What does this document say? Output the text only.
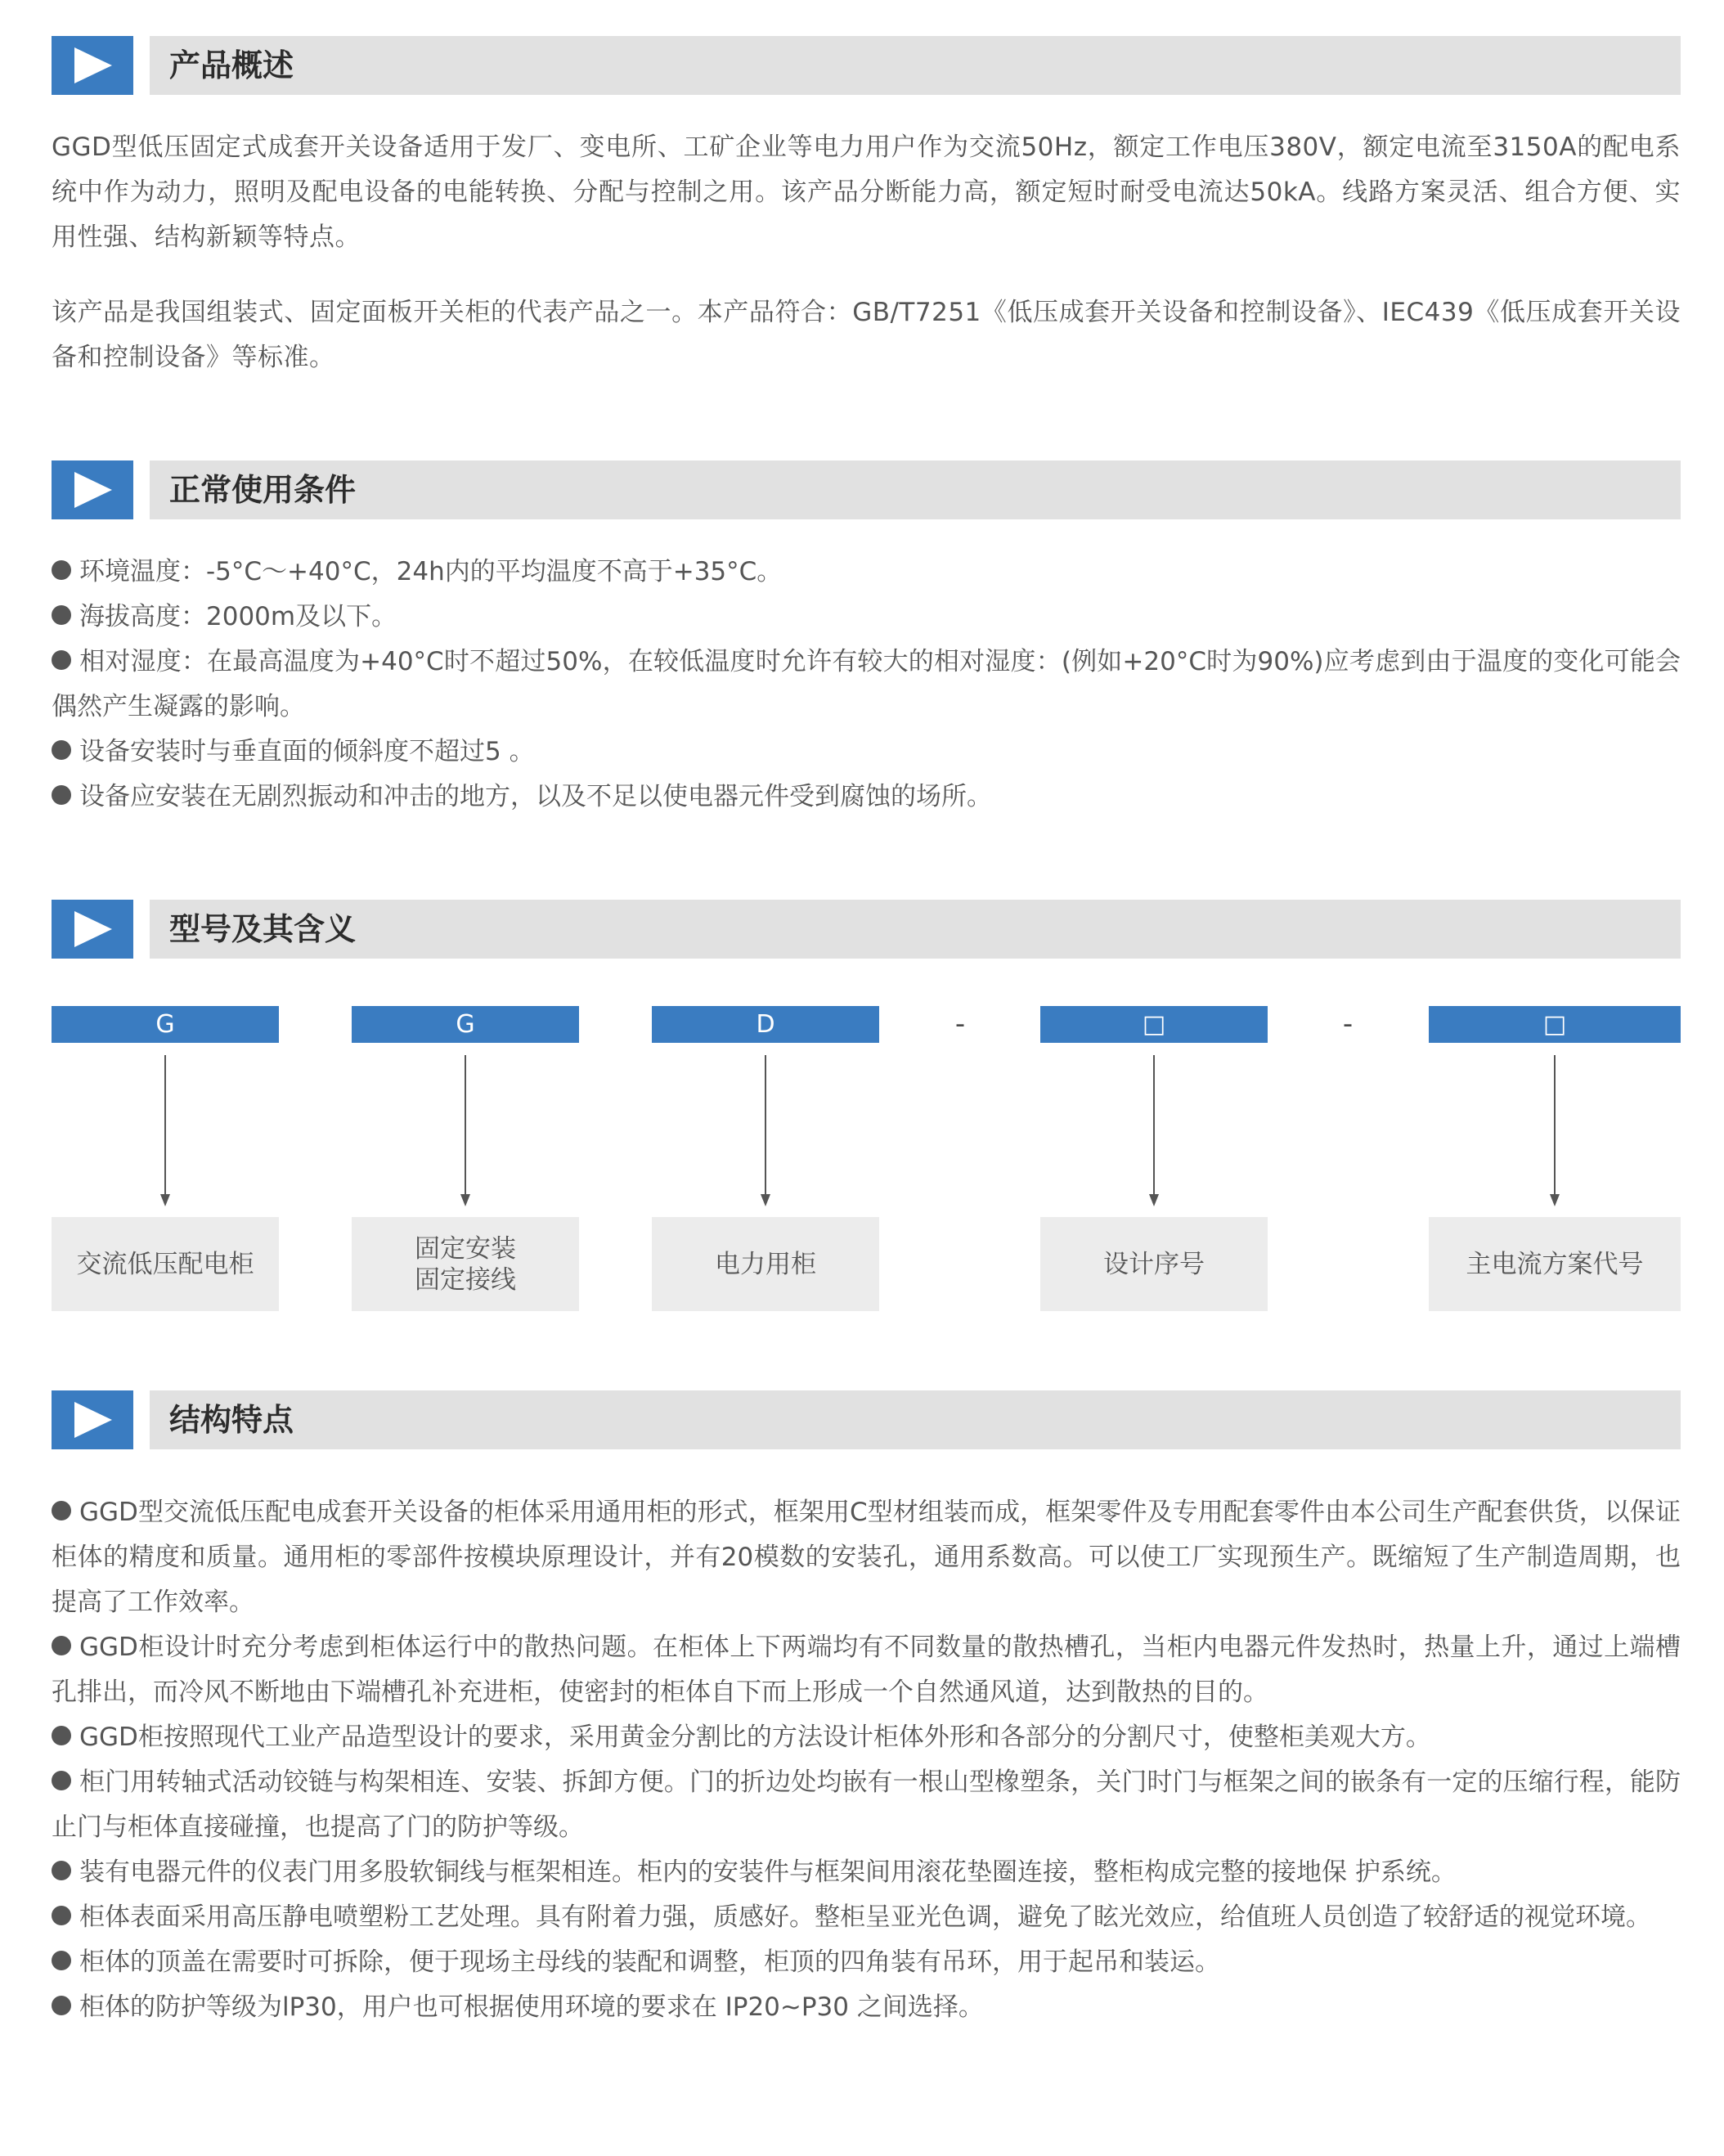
产品概述

GGD型低压固定式成套开关设备适用于发厂、变电所、工矿企业等电力用户作为交流50Hz，额定工作电压380V，额定电流至3150A的配电系统中作为动力，照明及配电设备的电能转换、分配与控制之用。该产品分断能力高，额定短时耐受电流达50kA。线路方案灵活、组合方便、实用性强、结构新颖等特点。

该产品是我国组装式、固定面板开关柜的代表产品之一。本产品符合：GB/T7251《低压成套开关设备和控制设备》、IEC439《低压成套开关设备和控制设备》等标准。

正常使用条件
环境温度：-5°C～+40°C，24h内的平均温度不高于+35°C。
海拔高度：2000m及以下。
相对湿度：在最高温度为+40°C时不超过50%，在较低温度时允许有较大的相对湿度：(例如+20°C时为90%)应考虑到由于温度的变化可能会偶然产生凝露的影响。
设备安装时与垂直面的倾斜度不超过5 。
设备应安装在无剧烈振动和冲击的地方，以及不足以使电器元件受到腐蚀的场所。
型号及其含义
G	G	D	-	□	-	□
交流低压配电柜
固定安装
固定接线
电力用柜	设计序号	主电流方案代号
结构特点
GGD型交流低压配电成套开关设备的柜体采用通用柜的形式，框架用C型材组装而成，框架零件及专用配套零件由本公司生产配套供货，以保证柜体的精度和质量。通用柜的零部件按模块原理设计，并有20模数的安装孔，通用系数高。可以使工厂实现预生产。既缩短了生产制造周期，也提高了工作效率。
GGD柜设计时充分考虑到柜体运行中的散热问题。在柜体上下两端均有不同数量的散热槽孔，当柜内电器元件发热时，热量上升，通过上端槽孔排出，而冷风不断地由下端槽孔补充进柜，使密封的柜体自下而上形成一个自然通风道，达到散热的目的。
GGD柜按照现代工业产品造型设计的要求，采用黄金分割比的方法设计柜体外形和各部分的分割尺寸，使整柜美观大方。
柜门用转轴式活动铰链与构架相连、安装、拆卸方便。门的折边处均嵌有一根山型橡塑条，关门时门与框架之间的嵌条有一定的压缩行程，能防止门与柜体直接碰撞，也提高了门的防护等级。
装有电器元件的仪表门用多股软铜线与框架相连。柜内的安装件与框架间用滚花垫圈连接，整柜构成完整的接地保 护系统。
柜体表面采用高压静电喷塑粉工艺处理。具有附着力强，质感好。整柜呈亚光色调，避免了眩光效应，给值班人员创造了较舒适的视觉环境。
柜体的顶盖在需要时可拆除，便于现场主母线的装配和调整，柜顶的四角装有吊环，用于起吊和装运。
柜体的防护等级为lP30，用户也可根据使用环境的要求在 IP20~P30 之间选择。
